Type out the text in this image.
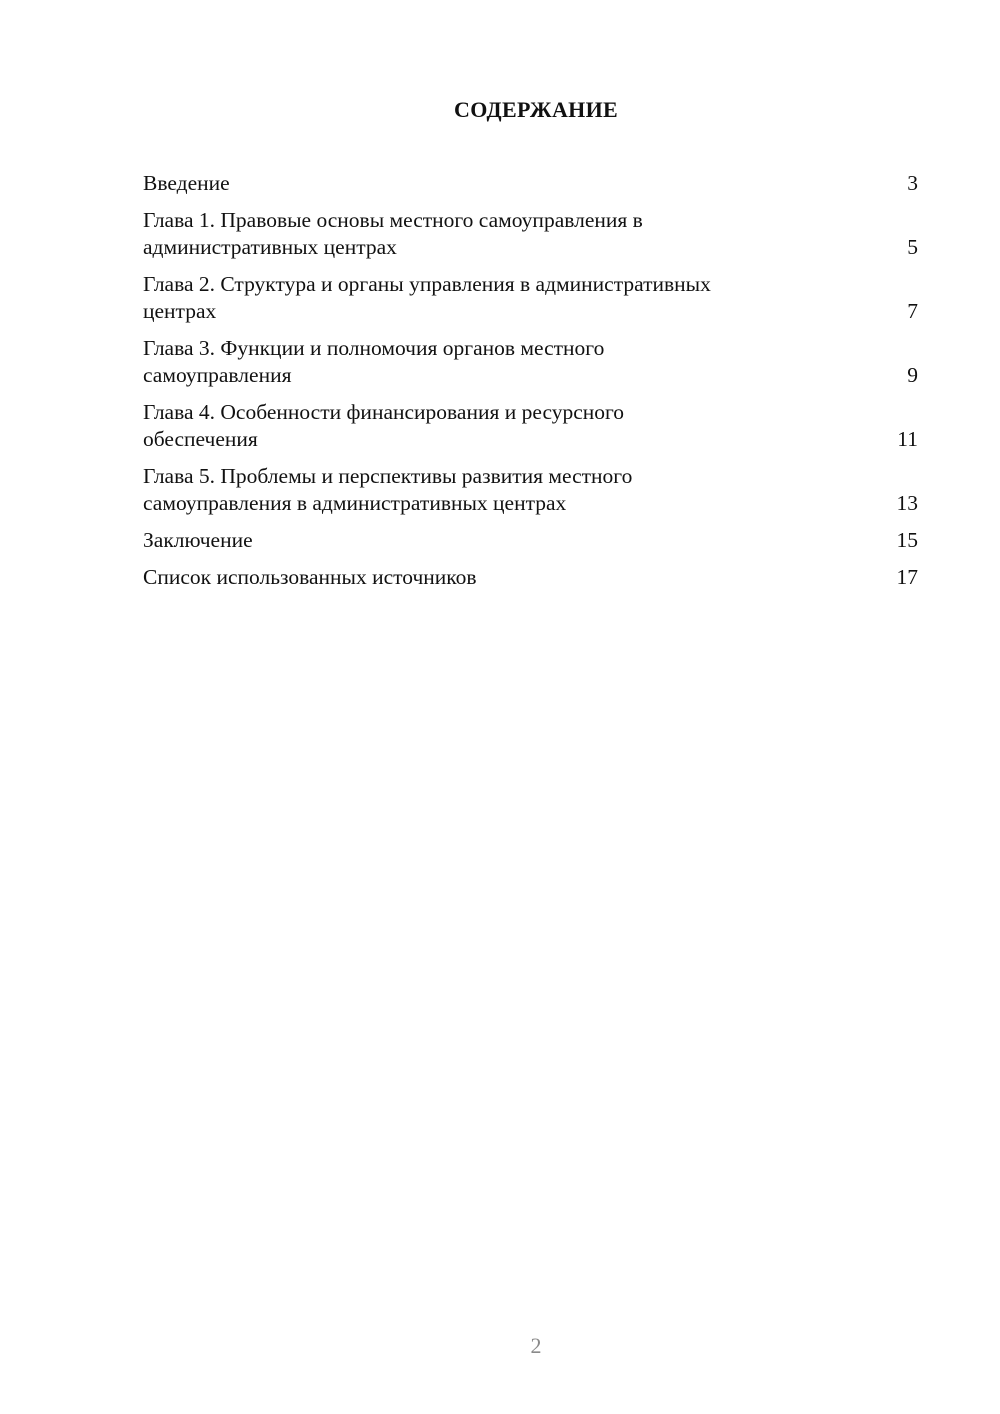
СОДЕРЖАНИЕ
Введение	3
Глава 1. Правовые основы местного самоуправления в
административных центрах	5
Глава 2. Структура и органы управления в административных
центрах	7
Глава 3. Функции и полномочия органов местного
самоуправления	9
Глава 4. Особенности финансирования и ресурсного
обеспечения	11
Глава 5. Проблемы и перспективы развития местного
самоуправления в административных центрах	13
Заключение	15
Список использованных источников	17
2
